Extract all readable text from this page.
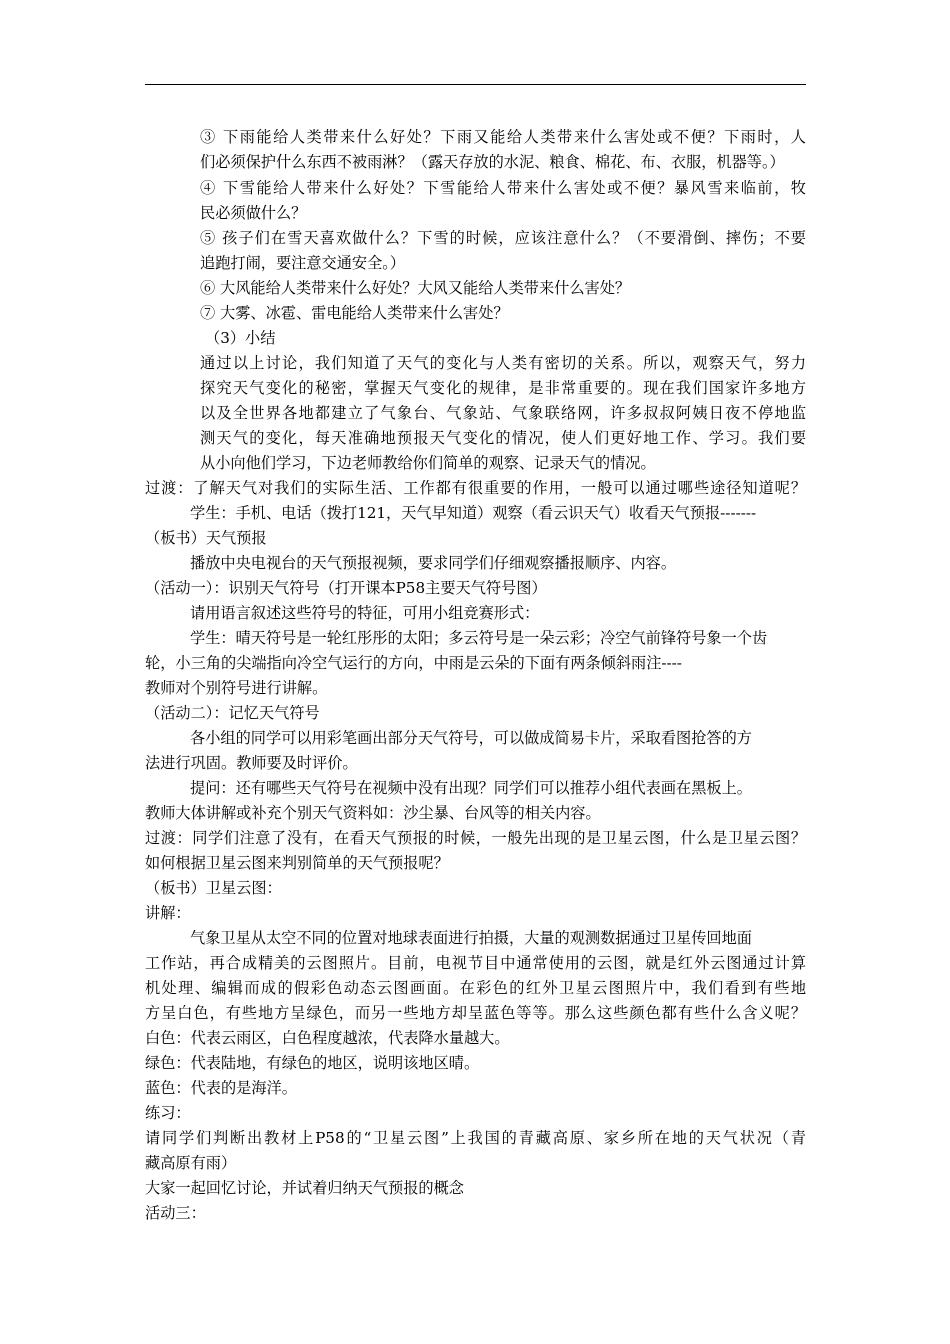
③ 下雨能给人类带来什么好处？下雨又能给人类带来什么害处或不便？下雨时，人
们必须保护什么东西不被雨淋？（露天存放的水泥、粮食、棉花、布、衣服，机器等。）
④ 下雪能给人带来什么好处？下雪能给人带来什么害处或不便？暴风雪来临前，牧
民必须做什么？
⑤ 孩子们在雪天喜欢做什么？下雪的时候，应该注意什么？（不要滑倒、摔伤；不要
追跑打闹，要注意交通安全。）
⑥ 大风能给人类带来什么好处？大风又能给人类带来什么害处？
⑦ 大雾、冰雹、雷电能给人类带来什么害处？
（3）小结
通过以上讨论，我们知道了天气的变化与人类有密切的关系。所以，观察天气，努力
探究天气变化的秘密，掌握天气变化的规律，是非常重要的。现在我们国家许多地方
以及全世界各地都建立了气象台、气象站、气象联络网，许多叔叔阿姨日夜不停地监
测天气的变化，每天准确地预报天气变化的情况，使人们更好地工作、学习。我们要
从小向他们学习，下边老师教给你们简单的观察、记录天气的情况。
过渡：了解天气对我们的实际生活、工作都有很重要的作用，一般可以通过哪些途径知道呢？
学生：手机、电话（拨打121，天气早知道）观察（看云识天气）收看天气预报-------
（板书）天气预报
播放中央电视台的天气预报视频，要求同学们仔细观察播报顺序、内容。
（活动一）：识别天气符号（打开课本P58主要天气符号图）
请用语言叙述这些符号的特征，可用小组竞赛形式：
学生：晴天符号是一轮红彤彤的太阳；多云符号是一朵云彩；冷空气前锋符号象一个齿
轮，小三角的尖端指向冷空气运行的方向，中雨是云朵的下面有两条倾斜雨注----
教师对个别符号进行讲解。
（活动二）：记忆天气符号
各小组的同学可以用彩笔画出部分天气符号，可以做成简易卡片，采取看图抢答的方
法进行巩固。教师要及时评价。
提问：还有哪些天气符号在视频中没有出现？同学们可以推荐小组代表画在黑板上。
教师大体讲解或补充个别天气资料如：沙尘暴、台风等的相关内容。
过渡：同学们注意了没有，在看天气预报的时候，一般先出现的是卫星云图，什么是卫星云图？
如何根据卫星云图来判别简单的天气预报呢？
（板书）卫星云图：
讲解：
气象卫星从太空不同的位置对地球表面进行拍摄，大量的观测数据通过卫星传回地面
工作站，再合成精美的云图照片。目前，电视节目中通常使用的云图，就是红外云图通过计算
机处理、编辑而成的假彩色动态云图画面。在彩色的红外卫星云图照片中，我们看到有些地
方呈白色，有些地方呈绿色，而另一些地方却呈蓝色等等。那么这些颜色都有些什么含义呢？
白色：代表云雨区，白色程度越浓，代表降水量越大。
绿色：代表陆地，有绿色的地区，说明该地区晴。
蓝色：代表的是海洋。
练习：
请同学们判断出教材上P58的“卫星云图”上我国的青藏高原、家乡所在地的天气状况（青
藏高原有雨）
大家一起回忆讨论，并试着归纳天气预报的概念
活动三：
